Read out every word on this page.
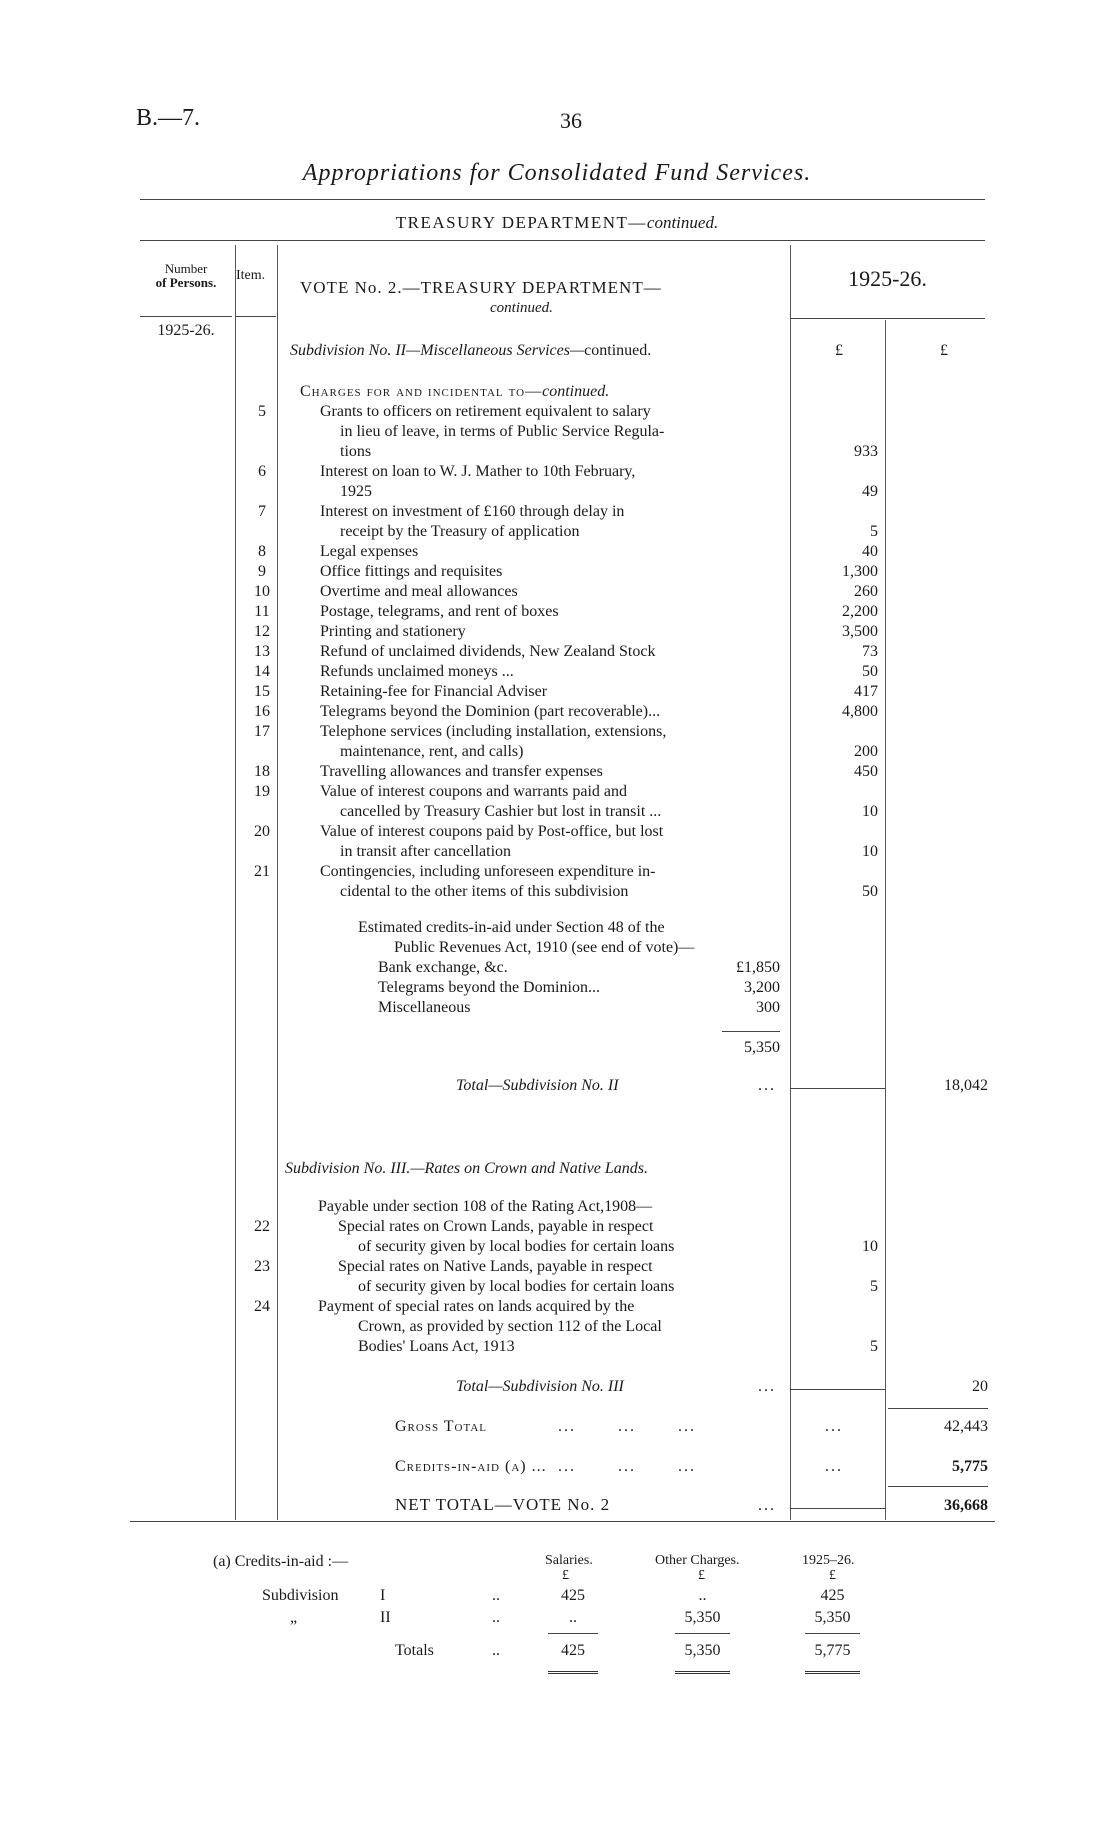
B.—7.	36
Appropriations for Consolidated Fund Services.
TREASURY DEPARTMENT—continued.
Number
of Persons.	Item.
VOTE No. 2.—TREASURY DEPARTMENT—
continued.
1925-26.
1925-26.
£	£
Subdivision No. II—Miscellaneous Services—continued.
Charges for and incidental to—continued.
5	Grants to officers on retirement equivalent to salary
in lieu of leave, in terms of Public Service Regula-
tions	933
6	Interest on loan to W. J. Mather to 10th February,
1925	49
7	Interest on investment of £160 through delay in
receipt by the Treasury of application	5
8	Legal expenses	40
9	Office fittings and requisites	1,300
10	Overtime and meal allowances	260
11	Postage, telegrams, and rent of boxes	2,200
12	Printing and stationery	3,500
13	Refund of unclaimed dividends, New Zealand Stock	73
14	Refunds unclaimed moneys ...	50
15	Retaining-fee for Financial Adviser	417
16	Telegrams beyond the Dominion (part recoverable)...	4,800
17	Telephone services (including installation, extensions,
maintenance, rent, and calls)	200
18	Travelling allowances and transfer expenses	450
19	Value of interest coupons and warrants paid and
cancelled by Treasury Cashier but lost in transit ...	10
20	Value of interest coupons paid by Post-office, but lost
in transit after cancellation	10
21	Contingencies, including unforeseen expenditure in-
cidental to the other items of this subdivision	50
Estimated credits-in-aid under Section 48 of the
Public Revenues Act, 1910 (see end of vote)—
Bank exchange, &c.	£1,850
Telegrams beyond the Dominion...	3,200
Miscellaneous	300
5,350
Total—Subdivision No. II	...	18,042
Subdivision No. III.—Rates on Crown and Native Lands.
Payable under section 108 of the Rating Act,1908—
22	Special rates on Crown Lands, payable in respect
of security given by local bodies for certain loans	10
23	Special rates on Native Lands, payable in respect
of security given by local bodies for certain loans	5
24	Payment of special rates on lands acquired by the
Crown, as provided by section 112 of the Local
Bodies' Loans Act, 1913	5
Total—Subdivision No. III	...	20
Gross Total	... ... ...	...	42,443
Credits-in-aid (a) ... ... ... ...	...	5,775
NET TOTAL—VOTE No. 2	...	36,668
(a) Credits-in-aid :—	Salaries.	Other Charges.	1925–26.
£	£	£
Subdivision	I	..	425	..	425
„	II	..	..	5,350	5,350
Totals	..	425	5,350	5,775
